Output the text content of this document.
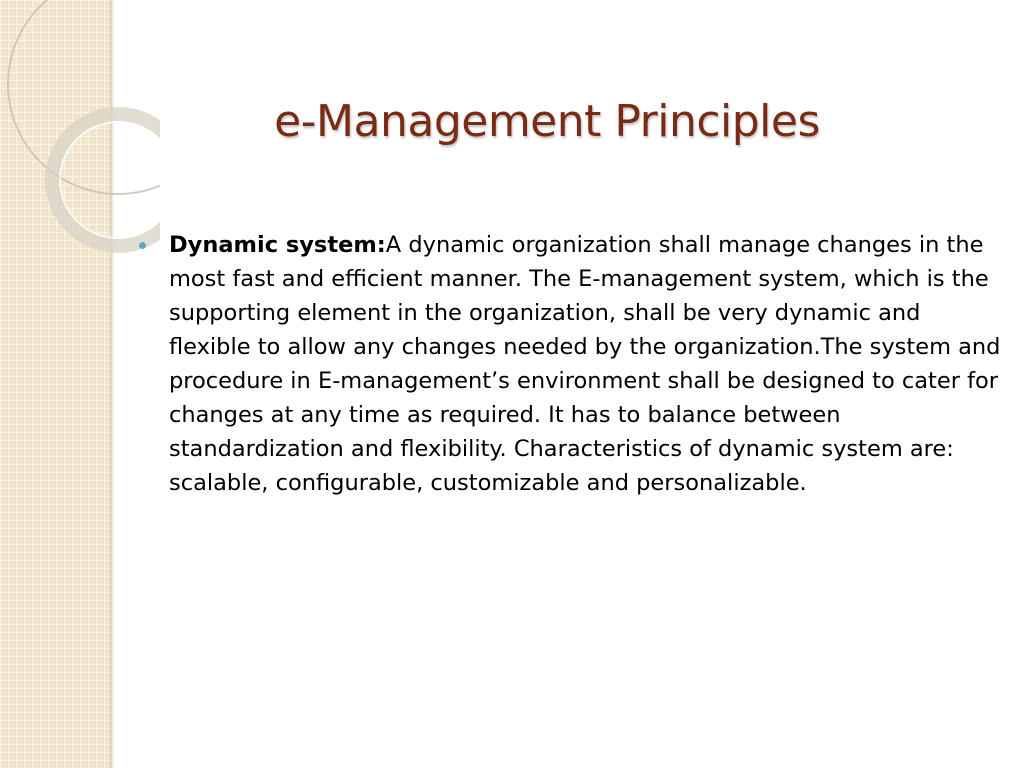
e-Management Principles
Dynamic system:A dynamic organization shall manage changes in the most fast and efficient manner. The E-management system, which is the supporting element in the organization, shall be very dynamic and flexible to allow any changes needed by the organization.The system and procedure in E-management’s environment shall be designed to cater for changes at any time as required. It has to balance between standardization and flexibility. Characteristics of dynamic system are: scalable, configurable, customizable and personalizable.
